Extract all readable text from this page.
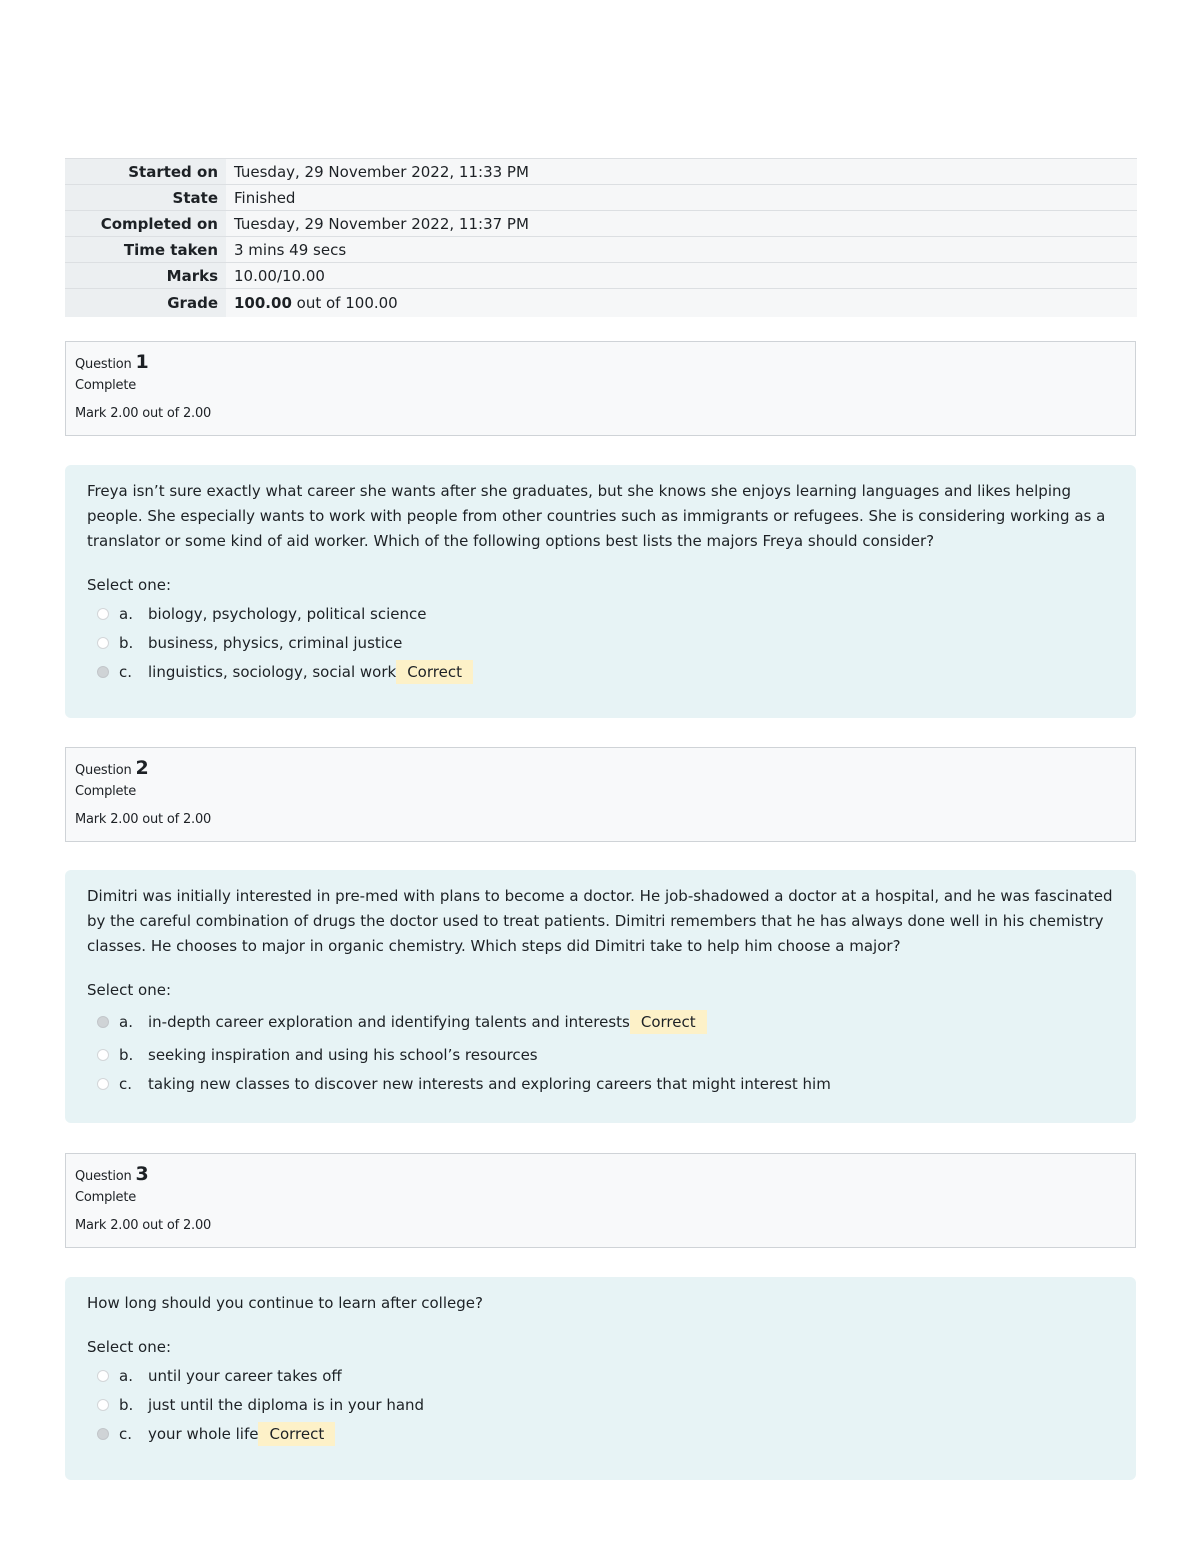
Started on	Tuesday, 29 November 2022, 11:33 PM
State	Finished
Completed on	Tuesday, 29 November 2022, 11:37 PM
Time taken	3 mins 49 secs
Marks	10.00/10.00
Grade	100.00 out of 100.00
Question 1
Complete
Mark 2.00 out of 2.00

Freya isn’t sure exactly what career she wants after she graduates, but she knows she enjoys learning languages and likes helping people. She especially wants to work with people from other countries such as immigrants or refugees. She is considering working as a translator or some kind of aid worker. Which of the following options best lists the majors Freya should consider?

Select one:
a.	biology, psychology, political science
b. business, physics, criminal justice
c.	linguistics, sociology, social work Correct
Question 2
Complete
Mark 2.00 out of 2.00

Dimitri was initially interested in pre-med with plans to become a doctor. He job-shadowed a doctor at a hospital, and he was fascinated by the careful combination of drugs the doctor used to treat patients. Dimitri remembers that he has always done well in his chemistry classes. He chooses to major in organic chemistry. Which steps did Dimitri take to help him choose a major?

Select one:
a.	in-depth career exploration and identifying talents and interests Correct
b. seeking inspiration and using his school’s resources
c.	taking new classes to discover new interests and exploring careers that might interest him
Question 3
Complete
Mark 2.00 out of 2.00

How long should you continue to learn after college?

Select one:
a.	until your career takes off
b. just until the diploma is in your hand
c.	your whole life Correct
